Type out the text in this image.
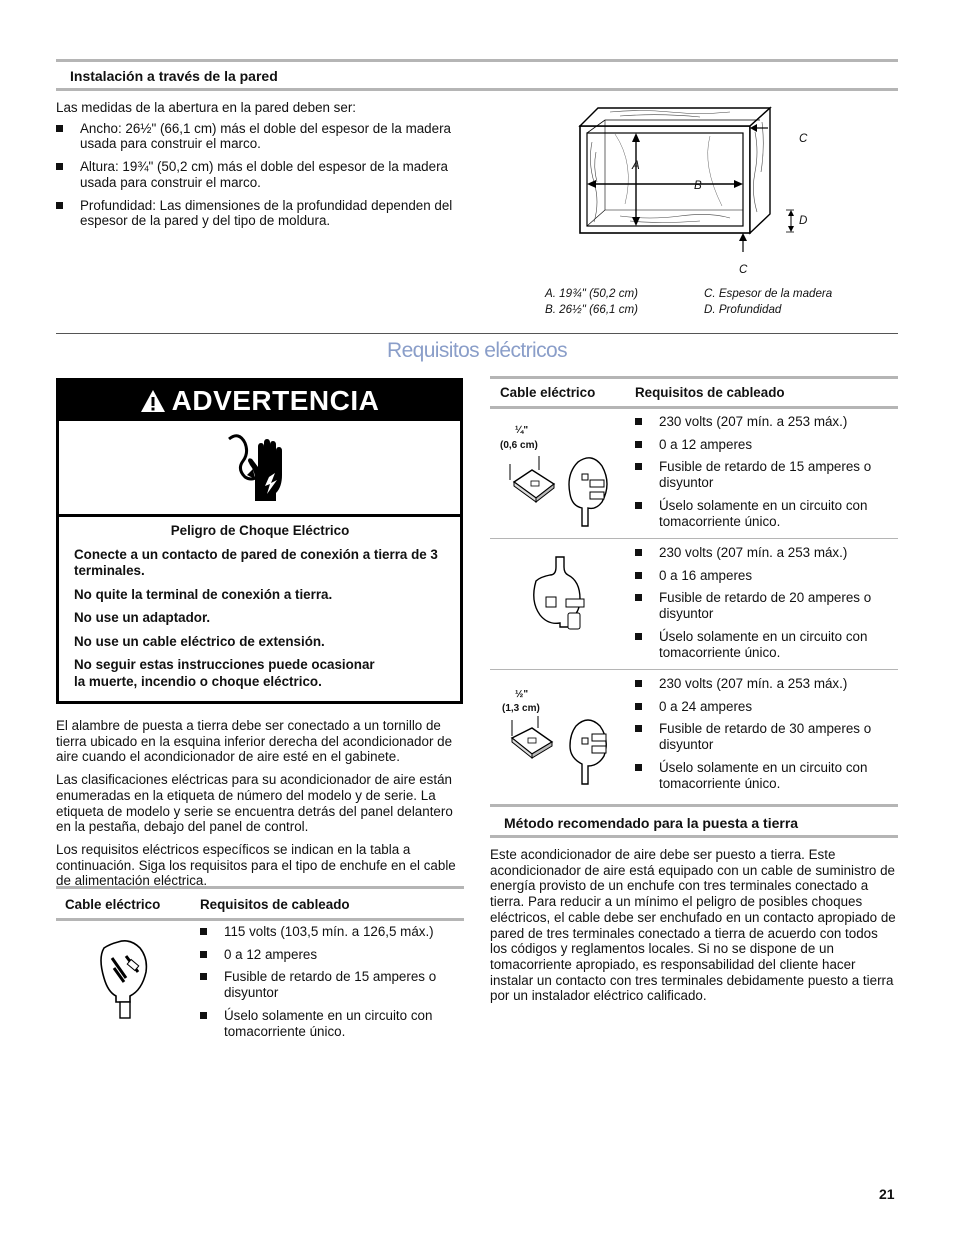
Instalación a través de la pared

Las medidas de la abertura en la pared deben ser:

Ancho: 26½" (66,1 cm) más el doble del espesor de la madera usada para construir el marco.
Altura: 19¾" (50,2 cm) más el doble del espesor de la madera usada para construir el marco.
Profundidad: Las dimensiones de la profundidad dependen del espesor de la pared y del tipo de moldura.
A
B
C
D
C
A. 19¾" (50,2 cm)
B. 26½" (66,1 cm)
C. Espesor de la madera
D. Profundidad
Requisitos eléctricos
ADVERTENCIA

Peligro de Choque Eléctrico

Conecte a un contacto de pared de conexión a tierra de 3 terminales.

No quite la terminal de conexión a tierra.

No use un adaptador.

No use un cable eléctrico de extensión.

No seguir estas instrucciones puede ocasionar la muerte, incendio o choque eléctrico.

El alambre de puesta a tierra debe ser conectado a un tornillo de tierra ubicado en la esquina inferior derecha del acondicionador de aire cuando el acondicionador de aire esté en el gabinete.

Las clasificaciones eléctricas para su acondicionador de aire están enumeradas en la etiqueta de número del modelo y de serie. La etiqueta de modelo y serie se encuentra detrás del panel delantero en la pestaña, debajo del panel de control.

Los requisitos eléctricos específicos se indican en la tabla a continuación. Siga los requisitos para el tipo de enchufe en el cable de alimentación eléctrica.

Cable eléctrico	Requisitos de cableado
115 volts (103,5 mín. a 126,5 máx.)
0 a 12 amperes
Fusible de retardo de 15 amperes o disyuntor
Úselo solamente en un circuito con tomacorriente único.
Cable eléctrico	Requisitos de cableado
¼"
(0,6 cm)
230 volts (207 mín. a 253 máx.)
0 a 12 amperes
Fusible de retardo de 15 amperes o disyuntor
Úselo solamente en un circuito con tomacorriente único.
230 volts (207 mín. a 253 máx.)
0 a 16 amperes
Fusible de retardo de 20 amperes o disyuntor
Úselo solamente en un circuito con tomacorriente único.
½"
(1,3 cm)
230 volts (207 mín. a 253 máx.)
0 a 24 amperes
Fusible de retardo de 30 amperes o disyuntor
Úselo solamente en un circuito con tomacorriente único.
Método recomendado para la puesta a tierra
Este acondicionador de aire debe ser puesto a tierra. Este acondicionador de aire está equipado con un cable de suministro de energía provisto de un enchufe con tres terminales conectado a tierra. Para reducir a un mínimo el peligro de posibles choques eléctricos, el cable debe ser enchufado en un contacto apropiado de pared de tres terminales conectado a tierra de acuerdo con todos los códigos y reglamentos locales. Si no se dispone de un tomacorriente apropiado, es responsabilidad del cliente hacer instalar un contacto con tres terminales debidamente puesto a tierra por un instalador eléctrico calificado.
21
